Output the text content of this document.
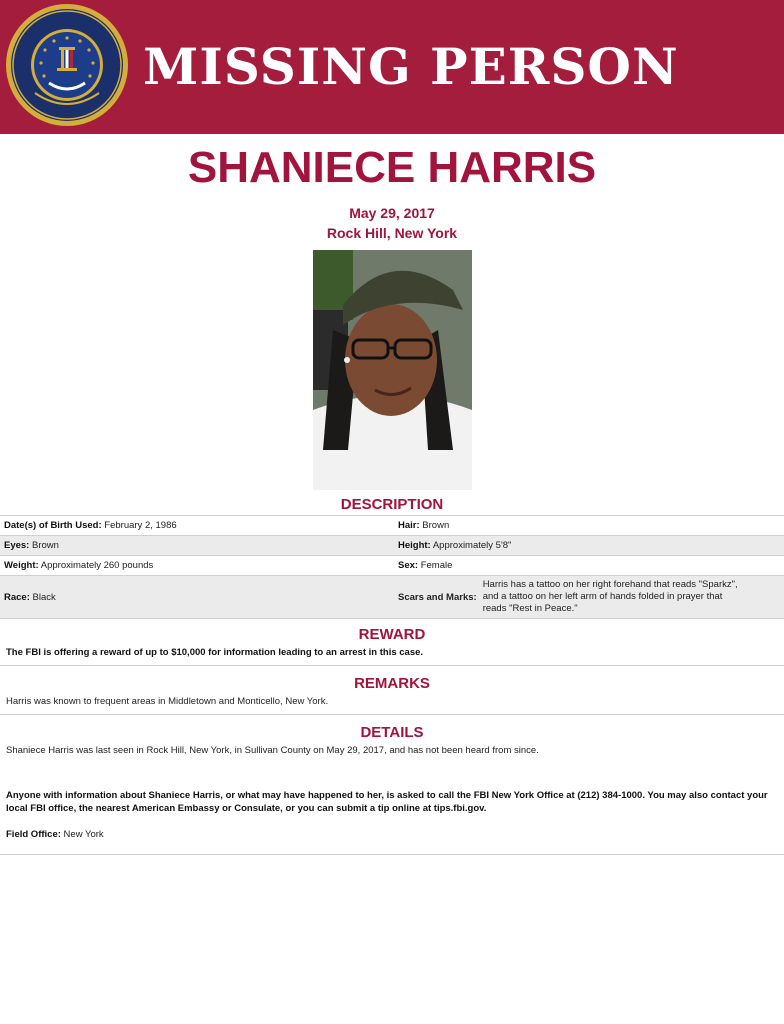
MISSING PERSON
SHANIECE HARRIS
May 29, 2017
Rock Hill, New York
DESCRIPTION
Date(s) of Birth Used: February 2, 1986	Hair: Brown
Eyes: Brown	Height: Approximately 5'8"
Weight: Approximately 260 pounds	Sex: Female
Race: Black	Scars and Marks:Harris has a tattoo on her right forehand that reads "Sparkz", and a tattoo on her left arm of hands folded in prayer that reads "Rest in Peace."
REWARD
The FBI is offering a reward of up to $10,000 for information leading to an arrest in this case.
REMARKS
Harris was known to frequent areas in Middletown and Monticello, New York.
DETAILS
Shaniece Harris was last seen in Rock Hill, New York, in Sullivan County on May 29, 2017, and has not been heard from since.
Anyone with information about Shaniece Harris, or what may have happened to her, is asked to call the FBI New York Office at (212) 384-1000. You may also contact your local FBI office, the nearest American Embassy or Consulate, or you can submit a tip online at tips.fbi.gov.
Field Office: New York
